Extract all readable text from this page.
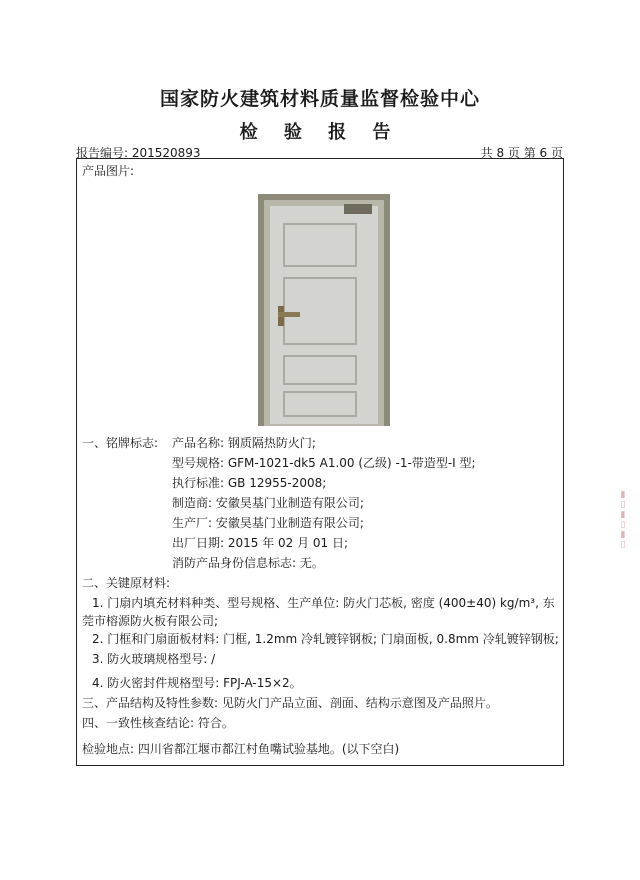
国家防火建筑材料质量监督检验中心
检 验 报 告
报告编号: 201520893	共 8 页 第 6 页
产品图片:
一、铭牌标志: 产品名称: 钢质隔热防火门;
型号规格: GFM-1021-dk5 A1.00 (乙级) -1-带造型-I 型;
执行标准: GB 12955-2008;
制造商: 安徽昊基门业制造有限公司;
生产厂: 安徽昊基门业制造有限公司;
出厂日期: 2015 年 02 月 01 日;
消防产品身份信息标志: 无。
二、关键原材料:
1. 门扇内填充材料种类、型号规格、生产单位: 防火门芯板, 密度 (400±40) kg/m³, 东
莞市榕源防火板有限公司;
2. 门框和门扇面板材料: 门框, 1.2mm 冷轧镀锌钢板; 门扇面板, 0.8mm 冷轧镀锌钢板;
3. 防火玻璃规格型号: /
4. 防火密封件规格型号: FPJ-A-15×2。
三、产品结构及特性参数: 见防火门产品立面、剖面、结构示意图及产品照片。
四、一致性核查结论: 符合。
检验地点: 四川省都江堰市都江村鱼嘴试验基地。(以下空白)
▮▯▮▯▮▯
